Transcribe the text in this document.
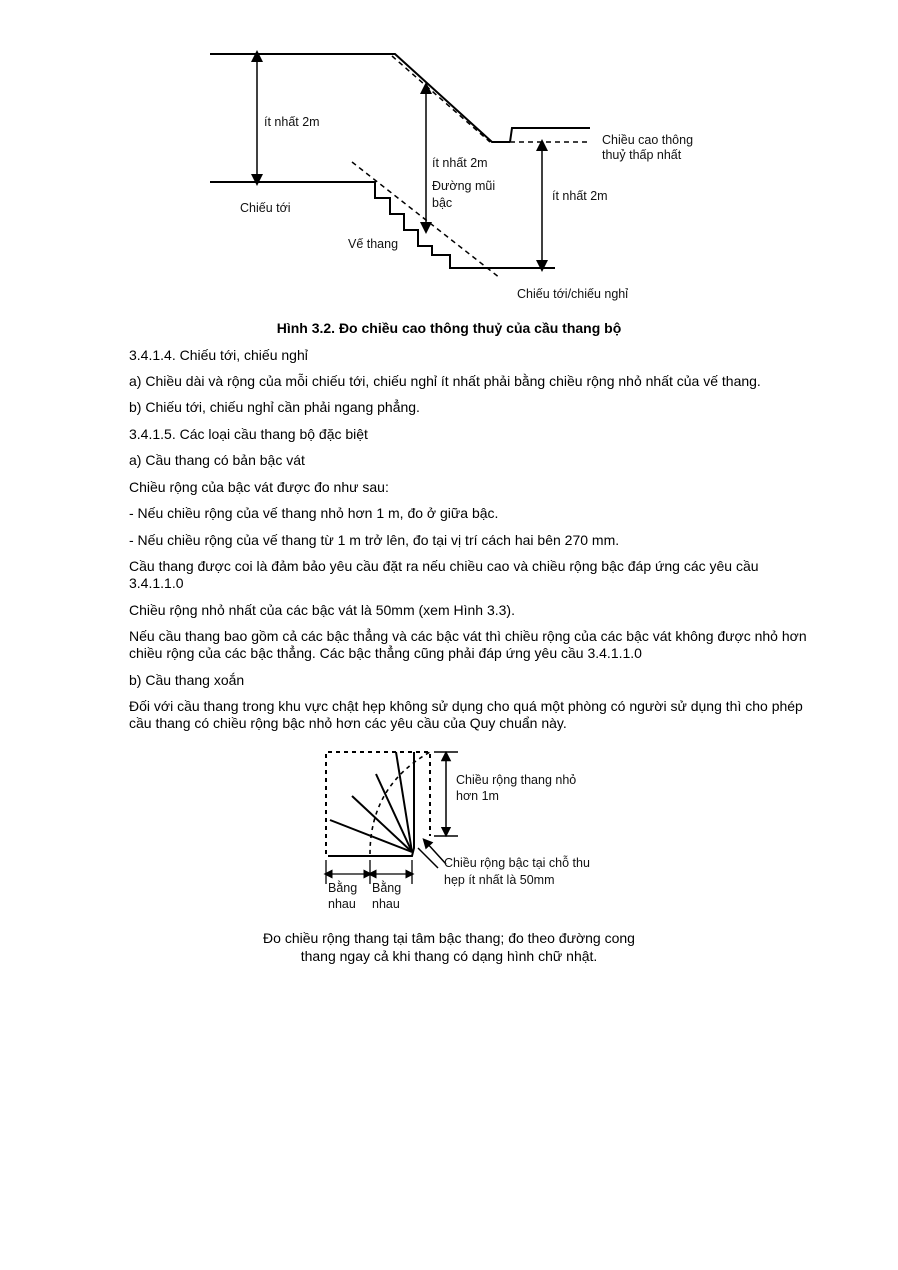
ít nhất 2m
ít nhất 2m
Đường mũi
bậc	ít nhất 2m
Chiều cao thông
thuỷ thấp nhất
Chiếu tới
Vế thang
Chiếu tới/chiếu nghỉ
Hình 3.2. Đo chiều cao thông thuỷ của cầu thang bộ

3.4.1.4. Chiếu tới, chiếu nghỉ

a) Chiều dài và rộng của mỗi chiếu tới, chiếu nghỉ ít nhất phải bằng chiều rộng nhỏ nhất của vế thang.

b) Chiếu tới, chiếu nghỉ cần phải ngang phẳng.

3.4.1.5. Các loại cầu thang bộ đặc biệt

a) Cầu thang có bản bậc vát

Chiều rộng của bậc vát được đo như sau:

- Nếu chiều rộng của vế thang nhỏ hơn 1 m, đo ở giữa bậc.

- Nếu chiều rộng của vế thang từ 1 m trở lên, đo tại vị trí cách hai bên 270 mm.

Cầu thang được coi là đảm bảo yêu cầu đặt ra nếu chiều cao và chiều rộng bậc đáp ứng các yêu cầu 3.4.1.1.0

Chiều rộng nhỏ nhất của các bậc vát là 50mm (xem Hình 3.3).

Nếu cầu thang bao gồm cả các bậc thẳng và các bậc vát thì chiều rộng của các bậc vát không được nhỏ hơn chiều rộng của các bậc thẳng. Các bậc thẳng cũng phải đáp ứng yêu cầu 3.4.1.1.0

b) Cầu thang xoắn

Đối với cầu thang trong khu vực chật hẹp không sử dụng cho quá một phòng có người sử dụng thì cho phép cầu thang có chiều rộng bậc nhỏ hơn các yêu cầu của Quy chuẩn này.

Chiều rộng thang nhỏ
hơn 1m
Chiều rộng bậc tại chỗ thu
hẹp ít nhất là 50mm
Bằng
nhau
Bằng
nhau
Đo chiều rộng thang tại tâm bậc thang; đo theo đường cong
thang ngay cả khi thang có dạng hình chữ nhật.
